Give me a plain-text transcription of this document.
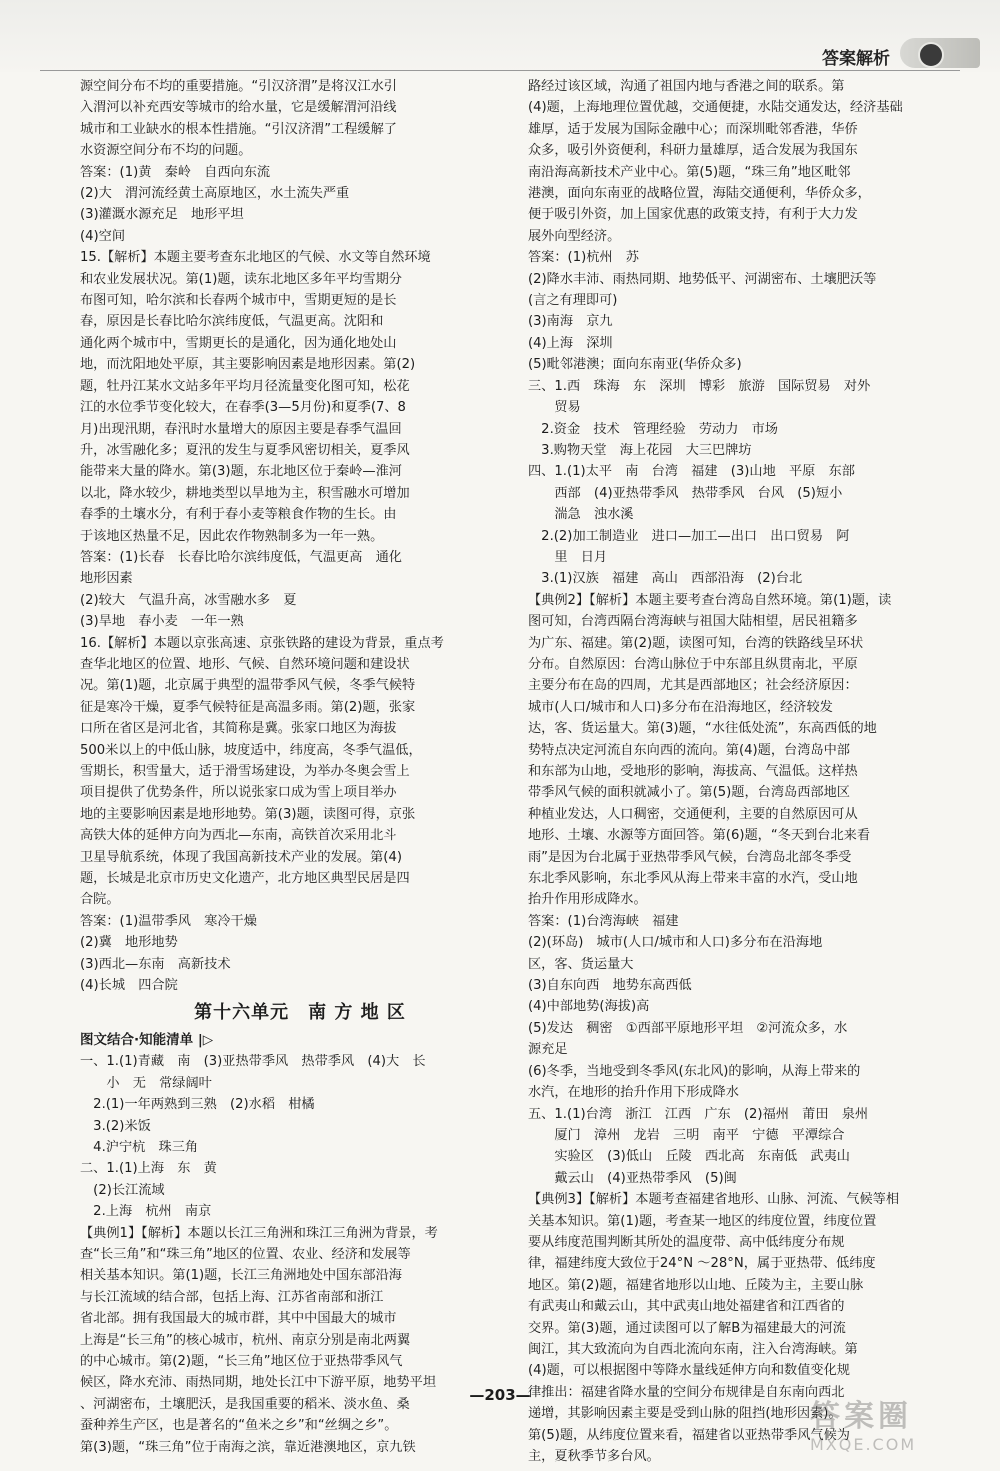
答案解析
源空间分布不均的重要措施。“引汉济渭”是将汉江水引
入渭河以补充西安等城市的给水量，它是缓解渭河沿线
城市和工业缺水的根本性措施。“引汉济渭”工程缓解了
水资源空间分布不均的问题。
答案：(1)黄　秦岭　自西向东流
(2)大　渭河流经黄土高原地区，水土流失严重
(3)灌溉水源充足　地形平坦
(4)空间
15.【解析】本题主要考查东北地区的气候、水文等自然环境
和农业发展状况。第(1)题，读东北地区多年平均雪期分
布图可知，哈尔滨和长春两个城市中，雪期更短的是长
春，原因是长春比哈尔滨纬度低，气温更高。沈阳和
通化两个城市中，雪期更长的是通化，因为通化地处山
地，而沈阳地处平原，其主要影响因素是地形因素。第(2)
题，牡丹江某水文站多年平均月径流量变化图可知，松花
江的水位季节变化较大，在春季(3—5月份)和夏季(7、8
月)出现汛期，春汛时水量增大的原因主要是春季气温回
升，冰雪融化多；夏汛的发生与夏季风密切相关，夏季风
能带来大量的降水。第(3)题，东北地区位于秦岭—淮河
以北，降水较少，耕地类型以旱地为主，积雪融水可增加
春季的土壤水分，有利于春小麦等粮食作物的生长。由
于该地区热量不足，因此农作物熟制多为一年一熟。
答案：(1)长春　长春比哈尔滨纬度低，气温更高　通化
地形因素
(2)较大　气温升高，冰雪融水多　夏
(3)旱地　春小麦　一年一熟
16.【解析】本题以京张高速、京张铁路的建设为背景，重点考
查华北地区的位置、地形、气候、自然环境问题和建设状
况。第(1)题，北京属于典型的温带季风气候，冬季气候特
征是寒冷干燥，夏季气候特征是高温多雨。第(2)题，张家
口所在省区是河北省，其简称是冀。张家口地区为海拔
500米以上的中低山脉，坡度适中，纬度高，冬季气温低，
雪期长，积雪量大，适于滑雪场建设，为举办冬奥会雪上
项目提供了优势条件，所以说张家口成为雪上项目举办
地的主要影响因素是地形地势。第(3)题，读图可得，京张
高铁大体的延伸方向为西北—东南，高铁首次采用北斗
卫星导航系统，体现了我国高新技术产业的发展。第(4)
题，长城是北京市历史文化遗产，北方地区典型民居是四
合院。
答案：(1)温带季风　寒冷干燥
(2)冀　地形地势
(3)西北—东南　高新技术
(4)长城　四合院
第十六单元　南 方 地 区
图文结合·知能清单 |▷
一、1.(1)青藏　南　(3)亚热带季风　热带季风　(4)大　长
　　小　无　常绿阔叶
　2.(1)一年两熟到三熟　(2)水稻　柑橘
　3.(2)米饭
　4.沪宁杭　珠三角
二、1.(1)上海　东　黄
　(2)长江流域
　2.上海　杭州　南京
【典例1】【解析】本题以长江三角洲和珠江三角洲为背景，考
查“长三角”和“珠三角”地区的位置、农业、经济和发展等
相关基本知识。第(1)题，长江三角洲地处中国东部沿海
与长江流域的结合部，包括上海、江苏省南部和浙江
省北部。拥有我国最大的城市群，其中中国最大的城市
上海是“长三角”的核心城市，杭州、南京分别是南北两翼
的中心城市。第(2)题，“长三角”地区位于亚热带季风气
候区，降水充沛、雨热同期，地处长江中下游平原，地势平坦
、河湖密布，土壤肥沃，是我国重要的稻米、淡水鱼、桑
蚕种养生产区，也是著名的“鱼米之乡”和“丝绸之乡”。
第(3)题，“珠三角”位于南海之滨，靠近港澳地区，京九铁
路经过该区域，沟通了祖国内地与香港之间的联系。第
(4)题，上海地理位置优越，交通便捷，水陆交通发达，经济基础
雄厚，适于发展为国际金融中心；而深圳毗邻香港，华侨
众多，吸引外资便利，科研力量雄厚，适合发展为我国东
南沿海高新技术产业中心。第(5)题，“珠三角”地区毗邻
港澳，面向东南亚的战略位置，海陆交通便利，华侨众多，
便于吸引外资，加上国家优惠的政策支持，有利于大力发
展外向型经济。
答案：(1)杭州　苏
(2)降水丰沛、雨热同期、地势低平、河湖密布、土壤肥沃等
(言之有理即可)
(3)南海　京九
(4)上海　深圳
(5)毗邻港澳；面向东南亚(华侨众多)
三、1.西　珠海　东　深圳　博彩　旅游　国际贸易　对外
　　贸易
　2.资金　技术　管理经验　劳动力　市场
　3.购物天堂　海上花园　大三巴牌坊
四、1.(1)太平　南　台湾　福建　(3)山地　平原　东部
　　西部　(4)亚热带季风　热带季风　台风　(5)短小
　　湍急　浊水溪
　2.(2)加工制造业　进口—加工—出口　出口贸易　阿
　　里　日月
　3.(1)汉族　福建　高山　西部沿海　(2)台北
【典例2】【解析】本题主要考查台湾岛自然环境。第(1)题，读
图可知，台湾西隔台湾海峡与祖国大陆相望，居民祖籍多
为广东、福建。第(2)题，读图可知，台湾的铁路线呈环状
分布。自然原因：台湾山脉位于中东部且纵贯南北，平原
主要分布在岛的四周，尤其是西部地区；社会经济原因：
城市(人口/城市和人口)多分布在沿海地区，经济较发
达，客、货运量大。第(3)题，“水往低处流”，东高西低的地
势特点决定河流自东向西的流向。第(4)题，台湾岛中部
和东部为山地，受地形的影响，海拔高、气温低。这样热
带季风气候的面积就减小了。第(5)题，台湾岛西部地区
种植业发达，人口稠密，交通便利，主要的自然原因可从
地形、土壤、水源等方面回答。第(6)题，“冬天到台北来看
雨”是因为台北属于亚热带季风气候，台湾岛北部冬季受
东北季风影响，东北季风从海上带来丰富的水汽，受山地
抬升作用形成降水。
答案：(1)台湾海峡　福建
(2)(环岛)　城市(人口/城市和人口)多分布在沿海地
区，客、货运量大
(3)自东向西　地势东高西低
(4)中部地势(海拔)高
(5)发达　稠密　①西部平原地形平坦　②河流众多，水
源充足
(6)冬季，当地受到冬季风(东北风)的影响，从海上带来的
水汽，在地形的抬升作用下形成降水
五、1.(1)台湾　浙江　江西　广东　(2)福州　莆田　泉州
　　厦门　漳州　龙岩　三明　南平　宁德　平潭综合
　　实验区　(3)低山　丘陵　西北高　东南低　武夷山
　　戴云山　(4)亚热带季风　(5)闽
【典例3】【解析】本题考查福建省地形、山脉、河流、气候等相
关基本知识。第(1)题，考查某一地区的纬度位置，纬度位置
要从纬度范围判断其所处的温度带、高中低纬度分布规
律，福建纬度大致位于24°N ～28°N，属于亚热带、低纬度
地区。第(2)题，福建省地形以山地、丘陵为主，主要山脉
有武夷山和戴云山，其中武夷山地处福建省和江西省的
交界。第(3)题，通过读图可以了解B为福建最大的河流
闽江，其大致流向为自西北流向东南，注入台湾海峡。第
(4)题，可以根据图中等降水量线延伸方向和数值变化规
律推出：福建省降水量的空间分布规律是自东南向西北
递增，其影响因素主要是受到山脉的阻挡(地形因素)。
第(5)题，从纬度位置来看，福建省以亚热带季风气候为
主，夏秋季节多台风。
—203—
答案圈
MXQE.COM
